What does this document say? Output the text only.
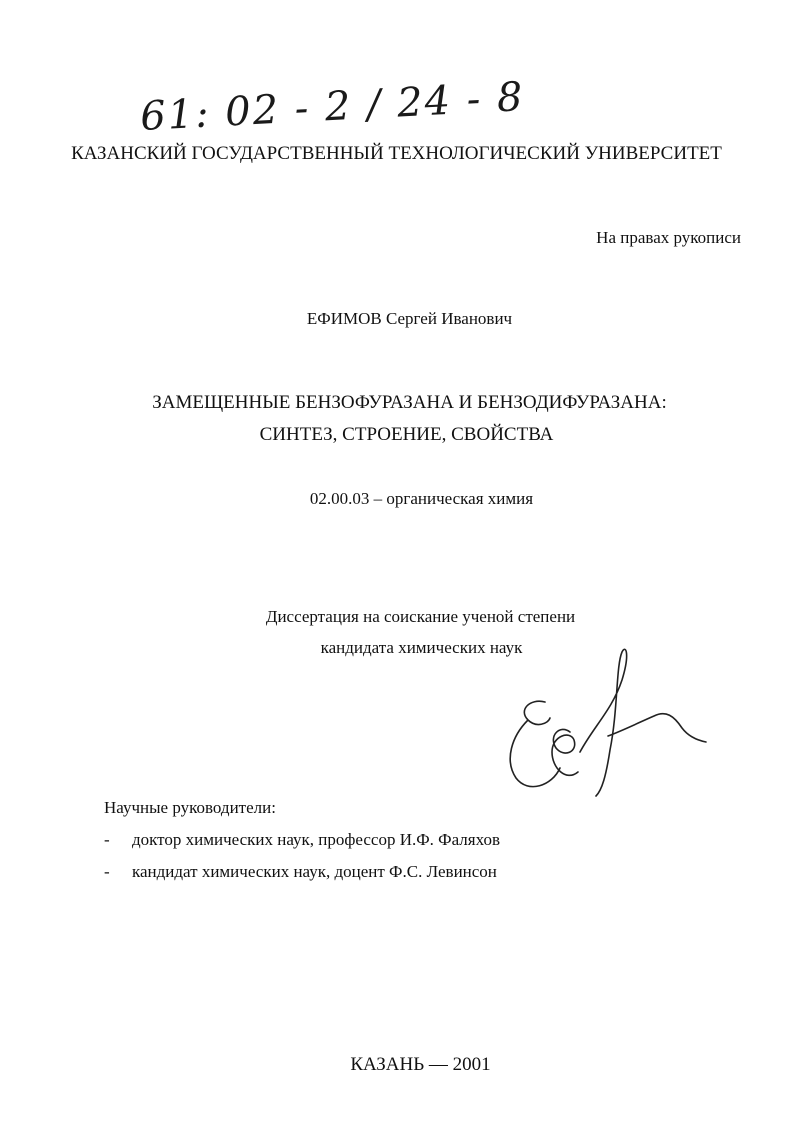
61: 02 - 2 / 24 - 8
КАЗАНСКИЙ ГОСУДАРСТВЕННЫЙ ТЕХНОЛОГИЧЕСКИЙ УНИВЕРСИТЕТ
На правах рукописи
ЕФИМОВ Сергей Иванович
ЗАМЕЩЕННЫЕ БЕНЗОФУРАЗАНА И БЕНЗОДИФУРАЗАНА:
СИНТЕЗ, СТРОЕНИЕ, СВОЙСТВА
02.00.03 – органическая химия
Диссертация на соискание ученой степени
кандидата химических наук
Научные руководители:
- доктор химических наук, профессор И.Ф. Фаляхов
- кандидат химических наук, доцент Ф.С. Левинсон
КАЗАНЬ — 2001
